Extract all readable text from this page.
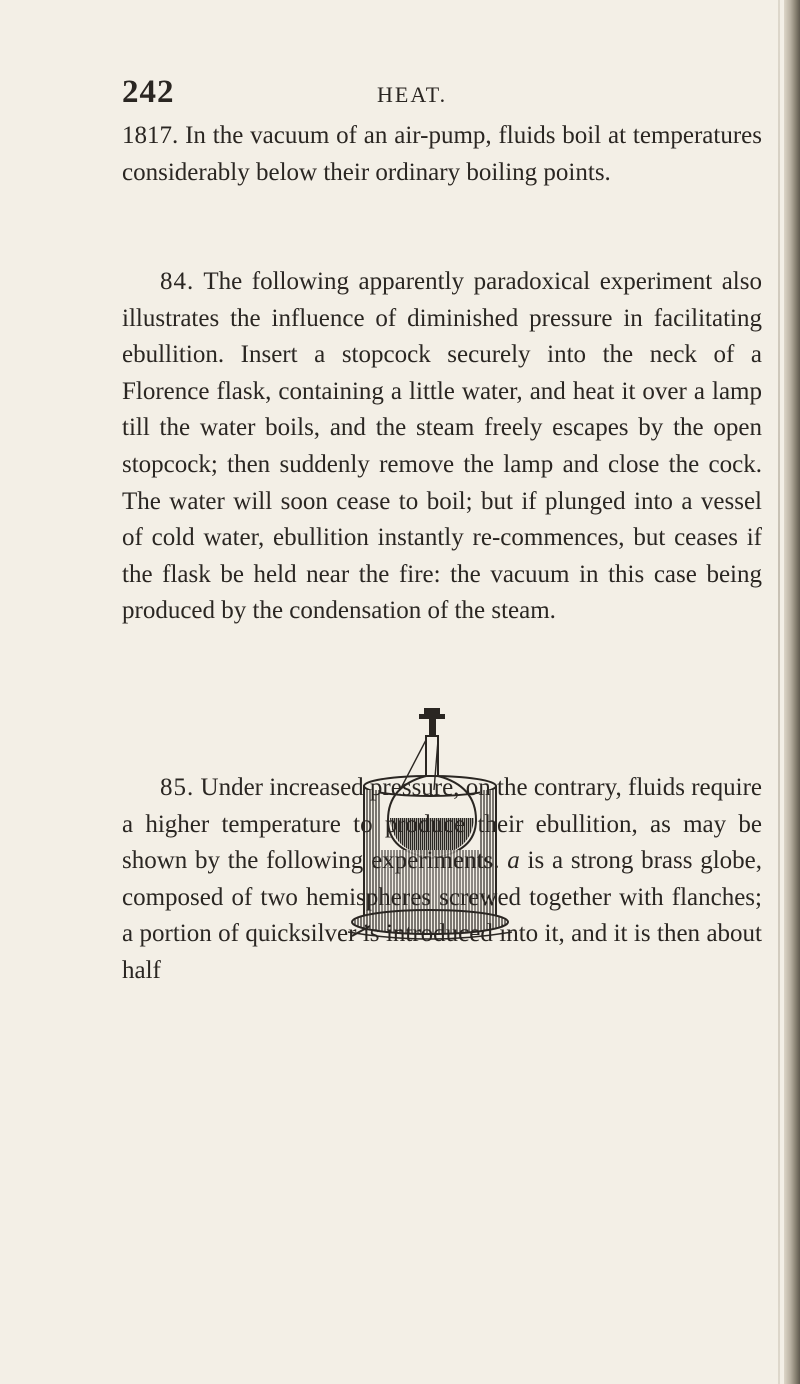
242	HEAT.

1817. In the vacuum of an air-pump, fluids boil at temperatures considerably below their ordinary boiling points.

84. The following apparently paradoxical experiment also illustrates the influence of diminished pressure in facilitating ebullition. Insert a stopcock securely into the neck of a Florence flask, containing a little water, and heat it over a lamp till the water boils, and the steam freely escapes by the open stopcock; then suddenly remove the lamp and close the cock. The water will soon cease to boil; but if plunged into a vessel of cold water, ebullition instantly re-commences, but ceases if the flask be held near the fire: the vacuum in this case being produced by the condensation of the steam.

85. Under increased pressure, on the contrary, fluids require a higher temperature to produce their ebullition, as may be shown by the following experiments. a is a strong brass globe, composed of two hemispheres screwed together with flanches; a portion of quicksilver is introduced into it, and it is then about half
